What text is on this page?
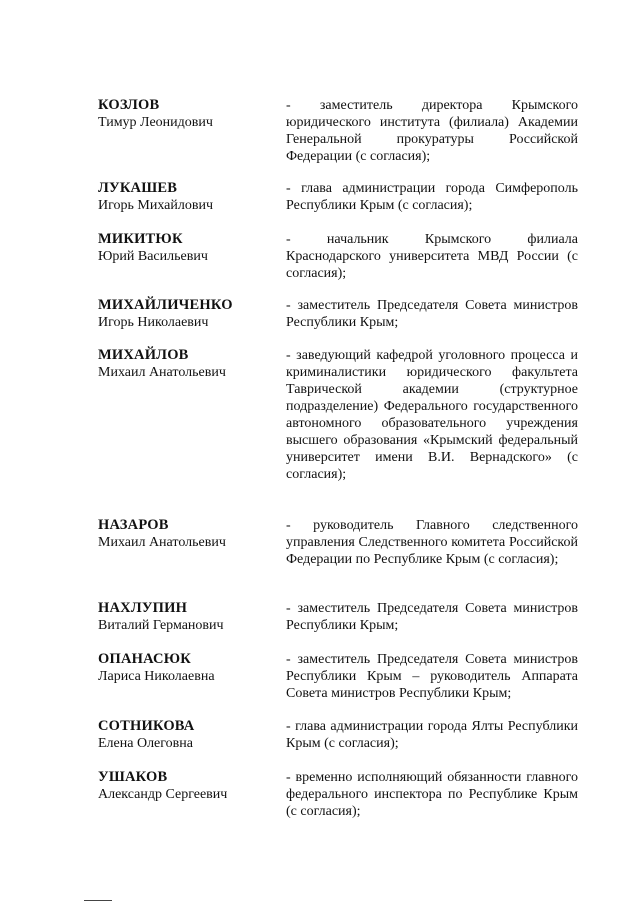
КОЗЛОВ
Тимур Леонидович
- заместитель директора Крымского юридического института (филиала) Академии Генеральной прокуратуры Российской Федерации (с согласия);
ЛУКАШЕВ
Игорь Михайлович
- глава администрации города Симферополь Республики Крым (с согласия);
МИКИТЮК
Юрий Васильевич
- начальник Крымского филиала Краснодарского университета МВД России (с согласия);
МИХАЙЛИЧЕНКО
Игорь Николаевич
- заместитель Председателя Совета министров Республики Крым;
МИХАЙЛОВ
Михаил Анатольевич
- заведующий кафедрой уголовного процесса и криминалистики юридического факультета Таврической академии (структурное подразделение) Федерального государственного автономного образовательного учреждения высшего образования «Крымский федеральный университет имени В.И. Вернадского» (с согласия);
НАЗАРОВ
Михаил Анатольевич
- руководитель Главного следственного управления Следственного комитета Российской Федерации по Республике Крым (с согласия);
НАХЛУПИН
Виталий Германович
- заместитель Председателя Совета министров Республики Крым;
ОПАНАСЮК
Лариса Николаевна
- заместитель Председателя Совета министров Республики Крым – руководитель Аппарата Совета министров Республики Крым;
СОТНИКОВА
Елена Олеговна
- глава администрации города Ялты Республики Крым (с согласия);
УШАКОВ
Александр Сергеевич
- временно исполняющий обязанности главного федерального инспектора по Республике Крым (с согласия);
